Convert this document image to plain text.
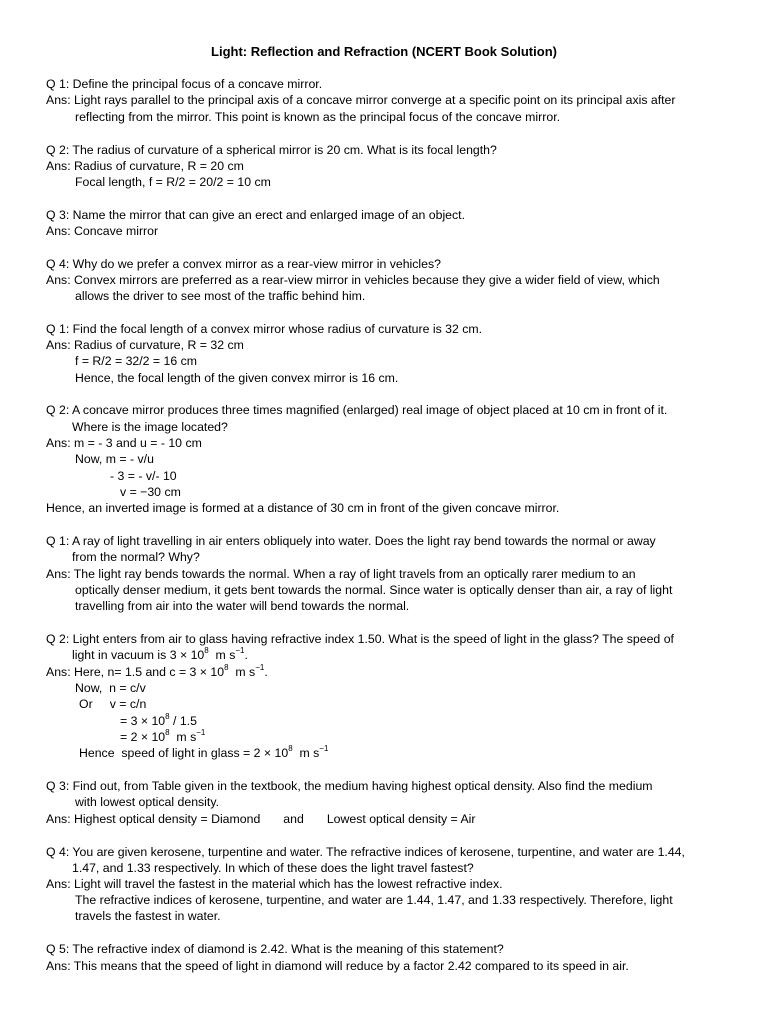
Light: Reflection and Refraction (NCERT Book Solution)
Q 1: Define the principal focus of a concave mirror.
Ans: Light rays parallel to the principal axis of a concave mirror converge at a specific point on its principal axis after
reflecting from the mirror. This point is known as the principal focus of the concave mirror.
Q 2: The radius of curvature of a spherical mirror is 20 cm. What is its focal length?
Ans: Radius of curvature, R = 20 cm
Focal length, f = R/2 = 20/2 = 10 cm
Q 3: Name the mirror that can give an erect and enlarged image of an object.
Ans: Concave mirror
Q 4: Why do we prefer a convex mirror as a rear-view mirror in vehicles?
Ans: Convex mirrors are preferred as a rear-view mirror in vehicles because they give a wider field of view, which
allows the driver to see most of the traffic behind him.
Q 1: Find the focal length of a convex mirror whose radius of curvature is 32 cm.
Ans: Radius of curvature, R = 32 cm
f = R/2 = 32/2 = 16 cm
Hence, the focal length of the given convex mirror is 16 cm.
Q 2: A concave mirror produces three times magnified (enlarged) real image of object placed at 10 cm in front of it.
Where is the image located?
Ans: m = - 3 and u = - 10 cm
Now, m = - v/u
- 3 = - v/- 10
v = −30 cm
Hence, an inverted image is formed at a distance of 30 cm in front of the given concave mirror.
Q 1: A ray of light travelling in air enters obliquely into water. Does the light ray bend towards the normal or away
from the normal? Why?
Ans: The light ray bends towards the normal. When a ray of light travels from an optically rarer medium to an
optically denser medium, it gets bent towards the normal. Since water is optically denser than air, a ray of light
travelling from air into the water will bend towards the normal.
Q 2: Light enters from air to glass having refractive index 1.50. What is the speed of light in the glass? The speed of
light in vacuum is $3 \times 10^8$  m $s^{-1}$.
Ans: Here, n= 1.5 and $c = 3 \times 10^8$  m $s^{-1}$.
Now,  n = c/v
Or     v = c/n
= $3 \times 10^8 / 1.5$
= $2 \times 10^8$  m $s^{-1}$
Hence  speed of light in glass = $2 \times 10^8$  m $s^{-1}$
Q 3: Find out, from Table given in the textbook, the medium having highest optical density. Also find the medium
with lowest optical density.
Ans: Highest optical density = Diamond and Lowest optical density = Air
Q 4: You are given kerosene, turpentine and water. The refractive indices of kerosene, turpentine, and water are 1.44,
1.47, and 1.33 respectively. In which of these does the light travel fastest?
Ans: Light will travel the fastest in the material which has the lowest refractive index.
The refractive indices of kerosene, turpentine, and water are 1.44, 1.47, and 1.33 respectively. Therefore, light
travels the fastest in water.
Q 5: The refractive index of diamond is 2.42. What is the meaning of this statement?
Ans: This means that the speed of light in diamond will reduce by a factor 2.42 compared to its speed in air.
